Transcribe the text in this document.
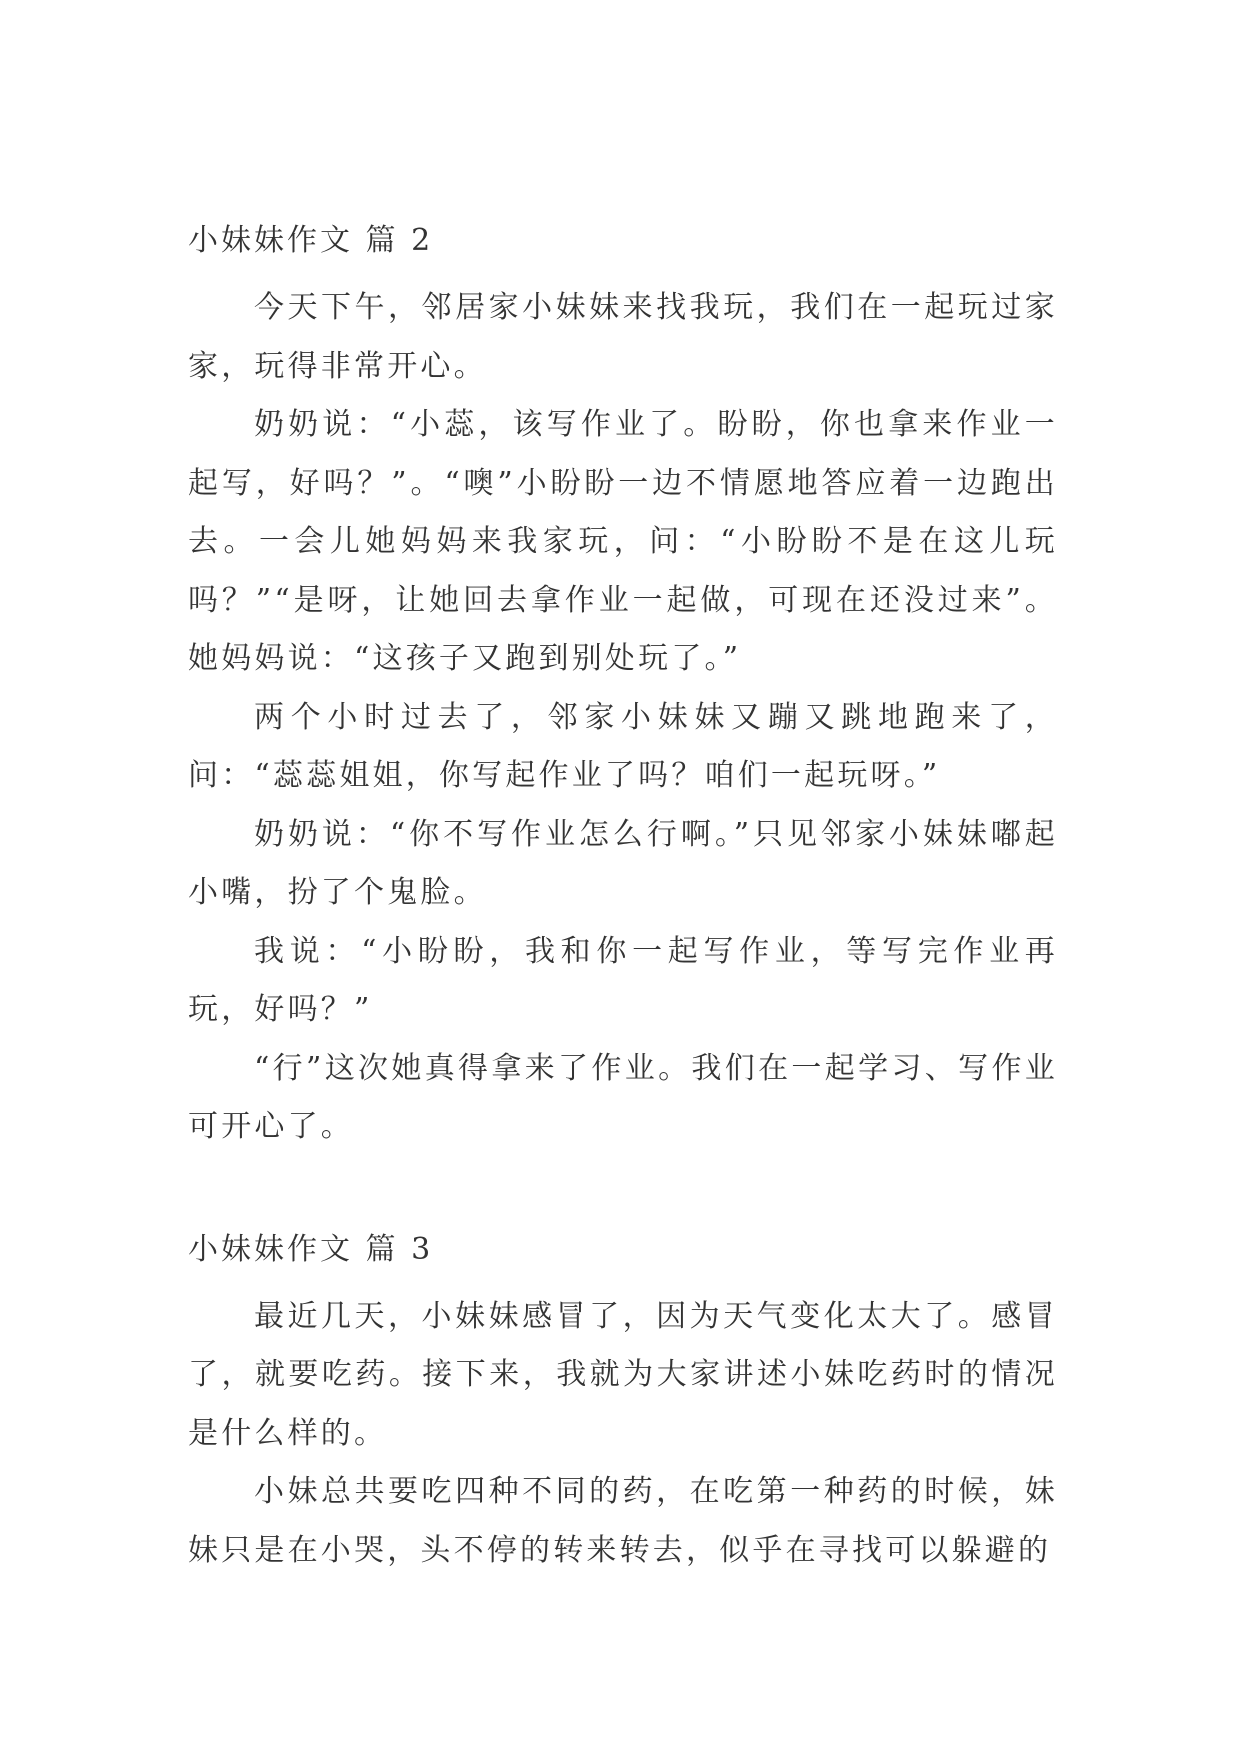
小妹妹作文 篇 2

今天下午，邻居家小妹妹来找我玩，我们在一起玩过家家，玩得非常开心。

奶奶说：“小蕊，该写作业了。盼盼，你也拿来作业一起写，好吗？”。“噢”小盼盼一边不情愿地答应着一边跑出去。一会儿她妈妈来我家玩，问：“小盼盼不是在这儿玩吗？”“是呀，让她回去拿作业一起做，可现在还没过来”。她妈妈说：“这孩子又跑到别处玩了。”

两个小时过去了，邻家小妹妹又蹦又跳地跑来了，问：“蕊蕊姐姐，你写起作业了吗？咱们一起玩呀。”

奶奶说：“你不写作业怎么行啊。”只见邻家小妹妹嘟起小嘴，扮了个鬼脸。

我说：“小盼盼，我和你一起写作业，等写完作业再玩，好吗？”

“行”这次她真得拿来了作业。我们在一起学习、写作业可开心了。

小妹妹作文 篇 3

最近几天，小妹妹感冒了，因为天气变化太大了。感冒了，就要吃药。接下来，我就为大家讲述小妹吃药时的情况是什么样的。

小妹总共要吃四种不同的药，在吃第一种药的时候，妹妹只是在小哭，头不停的转来转去，似乎在寻找可以躲避的
